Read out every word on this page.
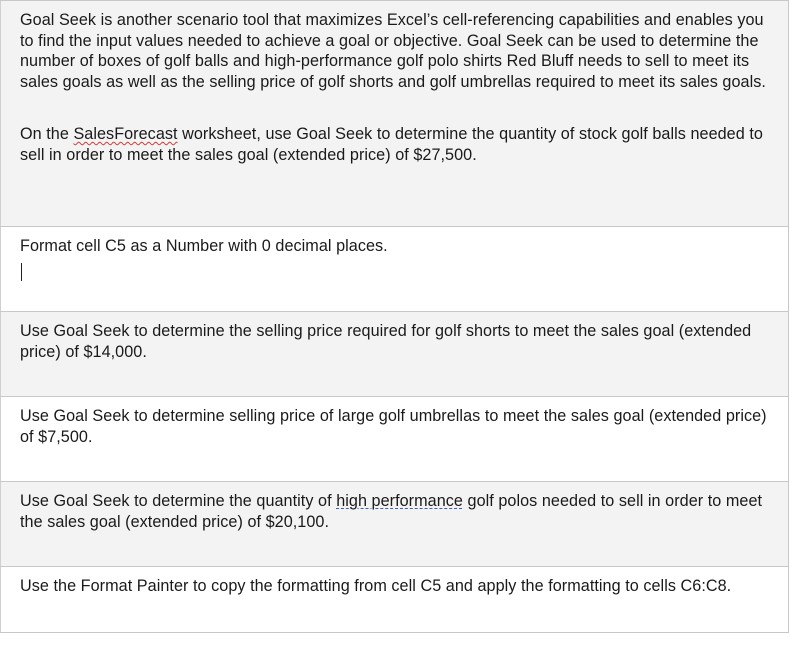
Goal Seek is another scenario tool that maximizes Excel’s cell-referencing capabilities and enables you to find the input values needed to achieve a goal or objective. Goal Seek can be used to determine the number of boxes of golf balls and high-performance golf polo shirts Red Bluff needs to sell to meet its sales goals as well as the selling price of golf shorts and golf umbrellas required to meet its sales goals.
On the SalesForecast worksheet, use Goal Seek to determine the quantity of stock golf balls needed to sell in order to meet the sales goal (extended price) of $27,500.

Format cell C5 as a Number with 0 decimal places.

Use Goal Seek to determine the selling price required for golf shorts to meet the sales goal (extended price) of $14,000.

Use Goal Seek to determine selling price of large golf umbrellas to meet the sales goal (extended price) of $7,500.

Use Goal Seek to determine the quantity of high performance golf polos needed to sell in order to meet the sales goal (extended price) of $20,100.

Use the Format Painter to copy the formatting from cell C5 and apply the formatting to cells C6:C8.
